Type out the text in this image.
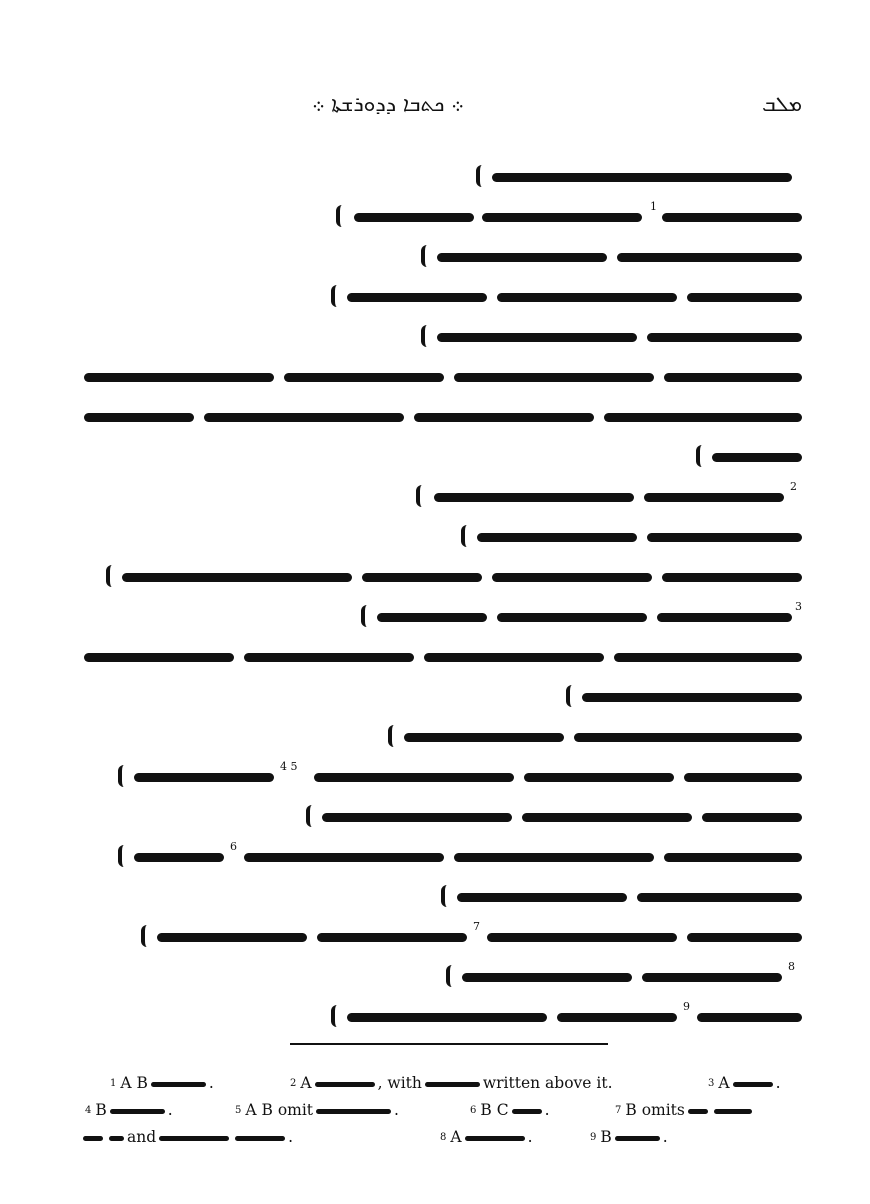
܀ ܟܬܒܐ ܕܕܘܪܫܬܐ ܀	ܡܠܒ
1
2
3
4 5
6
7
8
9
$^1$ A B	.	$^2$ A	, with	written above it.	$^3$ A	.
$^4$ B	.	$^5$ A B omit	.	$^6$ B C .	$^7$ B omits
and	.	$^8$ A	.	$^9$ B	.
